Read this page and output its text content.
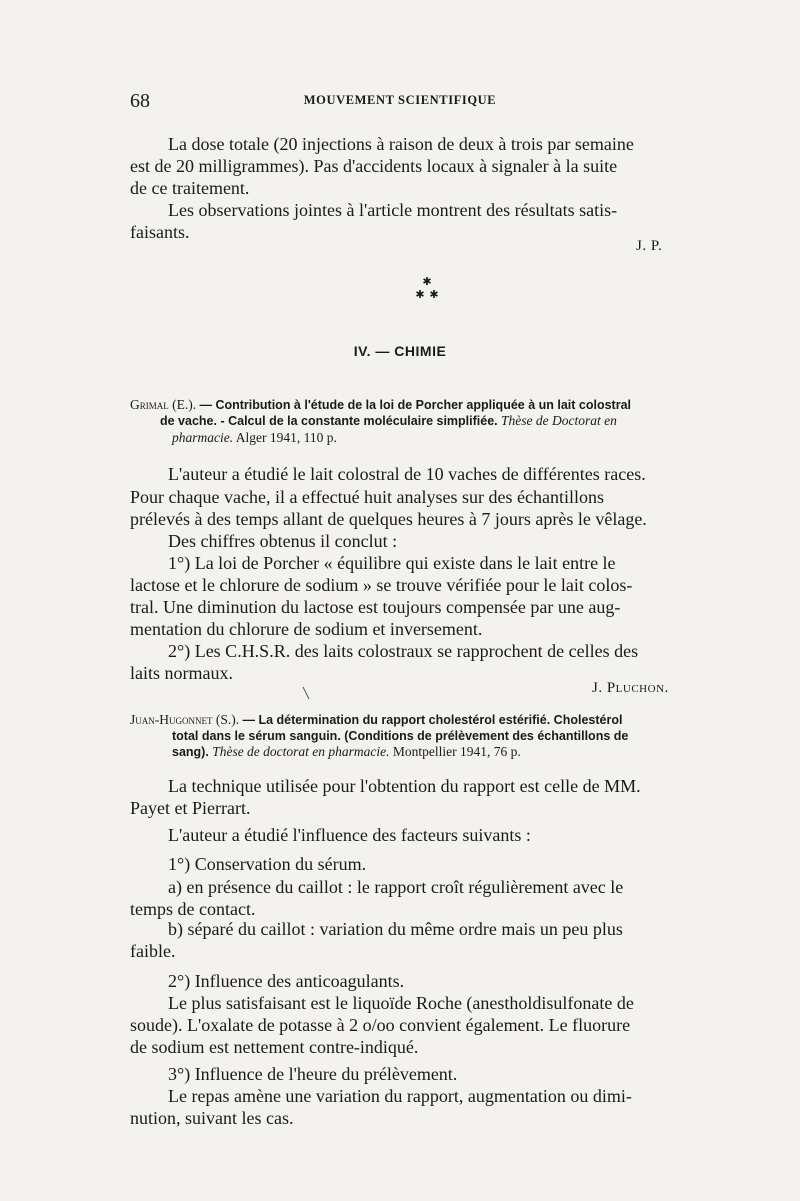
68	MOUVEMENT SCIENTIFIQUE
La dose totale (20 injections à raison de deux à trois par semaine
est de 20 milligrammes). Pas d'accidents locaux à signaler à la suite
de ce traitement.
Les observations jointes à l'article montrent des résultats satis-
faisants.
J. P.
✱
✱ ✱
IV. — CHIMIE
Grimal (E.). — Contribution à l'étude de la loi de Porcher appliquée à un lait colostral
de vache. - Calcul de la constante moléculaire simplifiée. Thèse de Doctorat en
pharmacie. Alger 1941, 110 p.
L'auteur a étudié le lait colostral de 10 vaches de différentes races.
Pour chaque vache, il a effectué huit analyses sur des échantillons
prélevés à des temps allant de quelques heures à 7 jours après le vêlage.
Des chiffres obtenus il conclut :
1°) La loi de Porcher « équilibre qui existe dans le lait entre le
lactose et le chlorure de sodium » se trouve vérifiée pour le lait colos-
tral. Une diminution du lactose est toujours compensée par une aug-
mentation du chlorure de sodium et inversement.
2°) Les C.H.S.R. des laits colostraux se rapprochent de celles des
laits normaux.
J. Pluchon.
Juan-Hugonnet (S.). — La détermination du rapport cholestérol estérifié. Cholestérol
total dans le sérum sanguin. (Conditions de prélèvement des échantillons de
sang). Thèse de doctorat en pharmacie. Montpellier 1941, 76 p.
La technique utilisée pour l'obtention du rapport est celle de MM.
Payet et Pierrart.
L'auteur a étudié l'influence des facteurs suivants :
1°) Conservation du sérum.
a) en présence du caillot : le rapport croît régulièrement avec le
temps de contact.
b) séparé du caillot : variation du même ordre mais un peu plus
faible.
2°) Influence des anticoagulants.
Le plus satisfaisant est le liquoïde Roche (anestholdisulfonate de
soude). L'oxalate de potasse à 2 o/oo convient également. Le fluorure
de sodium est nettement contre-indiqué.
3°) Influence de l'heure du prélèvement.
Le repas amène une variation du rapport, augmentation ou dimi-
nution, suivant les cas.
